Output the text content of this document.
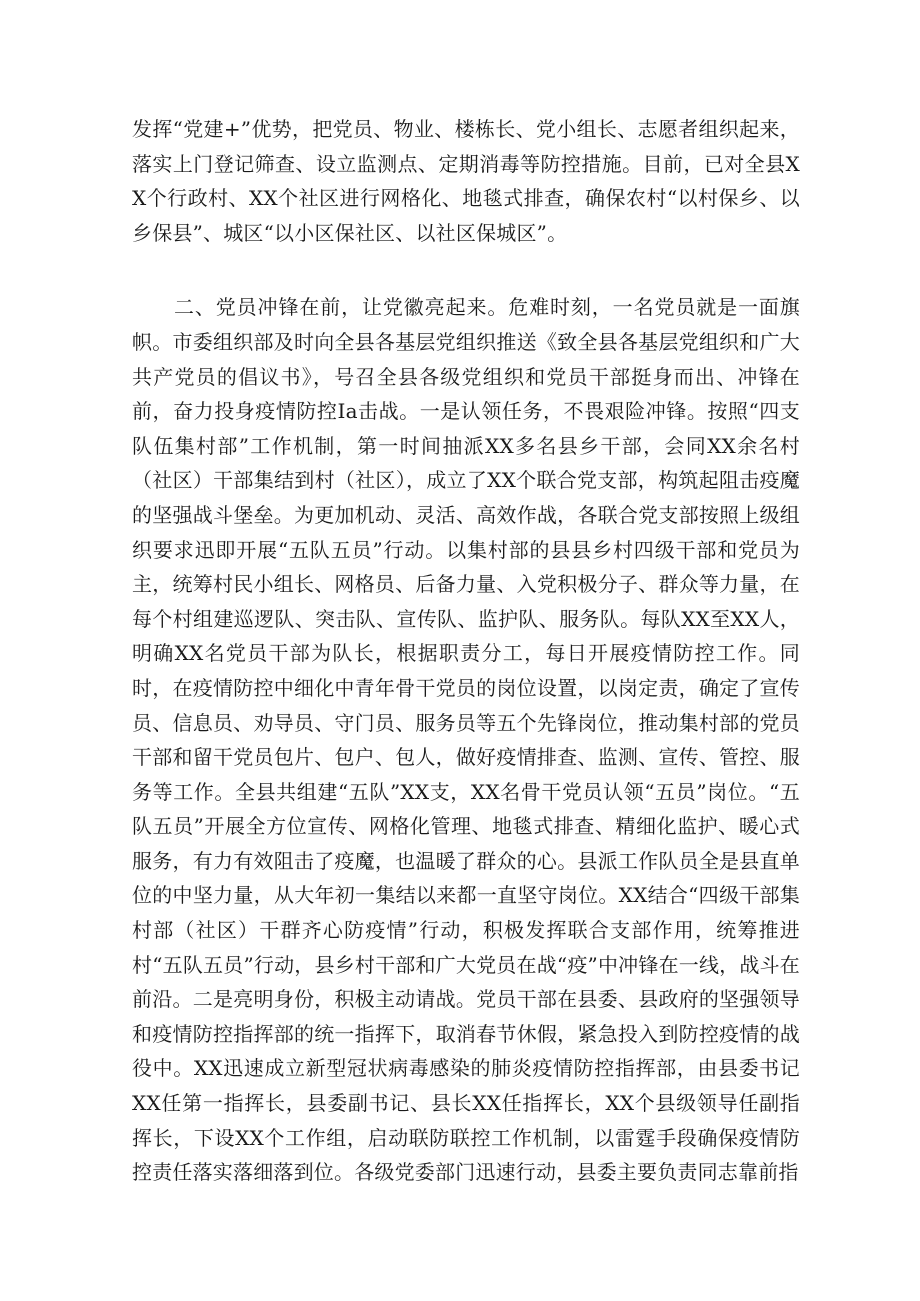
发挥“党建+”优势，把党员、物业、楼栋长、党小组长、志愿者组织起来，落实上门登记筛查、设立监测点、定期消毒等防控措施。目前，已对全县XX个行政村、XX个社区进行网格化、地毯式排查，确保农村“以村保乡、以乡保县”、城区“以小区保社区、以社区保城区”。

二、党员冲锋在前，让党徽亮起来。危难时刻，一名党员就是一面旗帜。市委组织部及时向全县各基层党组织推送《致全县各基层党组织和广大共产党员的倡议书》，号召全县各级党组织和党员干部挺身而出、冲锋在前，奋力投身疫情防控Ia击战。一是认领任务，不畏艰险冲锋。按照“四支队伍集村部”工作机制，第一时间抽派XX多名县乡干部，会同XX余名村（社区）干部集结到村（社区），成立了XX个联合党支部，构筑起阻击疫魔的坚强战斗堡垒。为更加机动、灵活、高效作战，各联合党支部按照上级组织要求迅即开展“五队五员”行动。以集村部的县县乡村四级干部和党员为主，统筹村民小组长、网格员、后备力量、入党积极分子、群众等力量，在每个村组建巡逻队、突击队、宣传队、监护队、服务队。每队XX至XX人，明确XX名党员干部为队长，根据职责分工，每日开展疫情防控工作。同时，在疫情防控中细化中青年骨干党员的岗位设置，以岗定责，确定了宣传员、信息员、劝导员、守门员、服务员等五个先锋岗位，推动集村部的党员干部和留干党员包片、包户、包人，做好疫情排查、监测、宣传、管控、服务等工作。全县共组建“五队”XX支，XX名骨干党员认领“五员”岗位。“五队五员”开展全方位宣传、网格化管理、地毯式排查、精细化监护、暖心式服务，有力有效阻击了疫魔，也温暖了群众的心。县派工作队员全是县直单位的中坚力量，从大年初一集结以来都一直坚守岗位。XX结合“四级干部集村部（社区）干群齐心防疫情”行动，积极发挥联合支部作用，统筹推进村“五队五员”行动，县乡村干部和广大党员在战“疫”中冲锋在一线，战斗在前沿。二是亮明身份，积极主动请战。党员干部在县委、县政府的坚强领导和疫情防控指挥部的统一指挥下，取消春节休假，紧急投入到防控疫情的战役中。XX迅速成立新型冠状病毒感染的肺炎疫情防控指挥部，由县委书记XX任第一指挥长，县委副书记、县长XX任指挥长，XX个县级领导任副指挥长，下设XX个工作组，启动联防联控工作机制，以雷霆手段确保疫情防控责任落实落细落到位。各级党委部门迅速行动，县委主要负责同志靠前指
